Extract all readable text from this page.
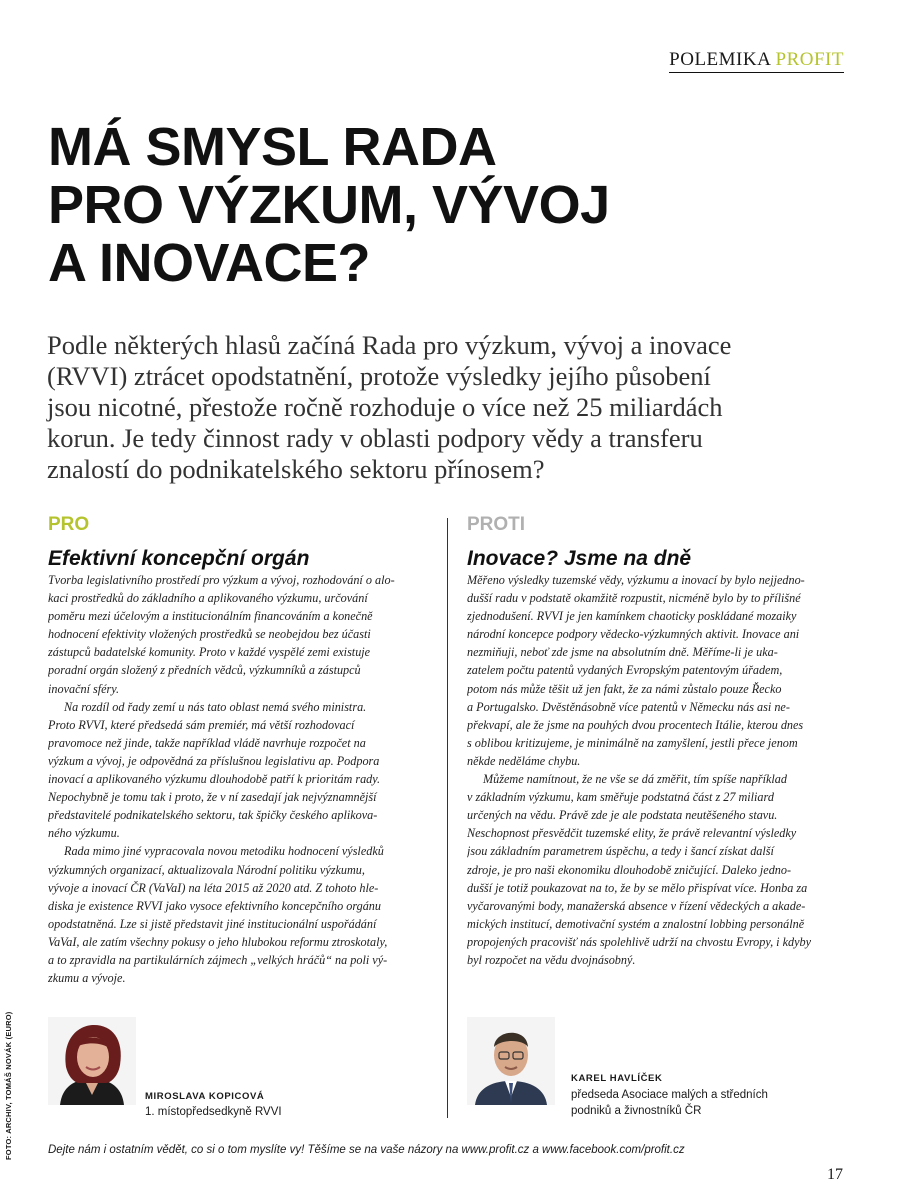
POLEMIKA PROFIT
MÁ SMYSL RADA
PRO VÝZKUM, VÝVOJ
A INOVACE?
Podle některých hlasů začíná Rada pro výzkum, vývoj a inovace
(RVVI) ztrácet opodstatnění, protože výsledky jejího působení
jsou nicotné, přestože ročně rozhoduje o více než 25 miliardách
korun. Je tedy činnost rady v oblasti podpory vědy a transferu
znalostí do podnikatelského sektoru přínosem?
PRO
Efektivní koncepční orgán
Tvorba legislativního prostředí pro výzkum a vývoj, rozhodování o alo-
kaci prostředků do základního a aplikovaného výzkumu, určování
poměru mezi účelovým a institucionálním financováním a konečně
hodnocení efektivity vložených prostředků se neobejdou bez účasti
zástupců badatelské komunity. Proto v každé vyspělé zemi existuje
poradní orgán složený z předních vědců, výzkumníků a zástupců
inovační sféry.
Na rozdíl od řady zemí u nás tato oblast nemá svého ministra.
Proto RVVI, které předsedá sám premiér, má větší rozhodovací
pravomoce než jinde, takže například vládě navrhuje rozpočet na
výzkum a vývoj, je odpovědná za příslušnou legislativu ap. Podpora
inovací a aplikovaného výzkumu dlouhodobě patří k prioritám rady.
Nepochybně je tomu tak i proto, že v ní zasedají jak nejvýznamnější
představitelé podnikatelského sektoru, tak špičky českého aplikova-
ného výzkumu.
Rada mimo jiné vypracovala novou metodiku hodnocení výsledků
výzkumných organizací, aktualizovala Národní politiku výzkumu,
vývoje a inovací ČR (VaVaI) na léta 2015 až 2020 atd. Z tohoto hle-
diska je existence RVVI jako vysoce efektivního koncepčního orgánu
opodstatněná. Lze si jistě představit jiné institucionální uspořádání
VaVaI, ale zatím všechny pokusy o jeho hlubokou reformu ztroskotaly,
a to zpravidla na partikulárních zájmech „velkých hráčů“ na poli vý-
zkumu a vývoje.
PROTI
Inovace? Jsme na dně
Měřeno výsledky tuzemské vědy, výzkumu a inovací by bylo nejjedno-
dušší radu v podstatě okamžitě rozpustit, nicméně bylo by to přílišné
zjednodušení. RVVI je jen kamínkem chaoticky poskládané mozaiky
národní koncepce podpory vědecko-výzkumných aktivit. Inovace ani
nezmiňuji, neboť zde jsme na absolutním dně. Měříme-li je uka-
zatelem počtu patentů vydaných Evropským patentovým úřadem,
potom nás může těšit už jen fakt, že za námi zůstalo pouze Řecko
a Portugalsko. Dvěstěnásobně více patentů v Německu nás asi ne-
překvapí, ale že jsme na pouhých dvou procentech Itálie, kterou dnes
s oblibou kritizujeme, je minimálně na zamyšlení, jestli přece jenom
někde neděláme chybu.
Můžeme namítnout, že ne vše se dá změřit, tím spíše například
v základním výzkumu, kam směřuje podstatná část z 27 miliard
určených na vědu. Právě zde je ale podstata neutěšeného stavu.
Neschopnost přesvědčit tuzemské elity, že právě relevantní výsledky
jsou základním parametrem úspěchu, a tedy i šancí získat další
zdroje, je pro naši ekonomiku dlouhodobě zničující. Daleko jedno-
dušší je totiž poukazovat na to, že by se mělo přispívat více. Honba za
vyčarovanými body, manažerská absence v řízení vědeckých a akade-
mických institucí, demotivační systém a znalostní lobbing personálně
propojených pracovišť nás spolehlivě udrží na chvostu Evropy, i kdyby
byl rozpočet na vědu dvojnásobný.
MIROSLAVA KOPICOVÁ
1. místopředsedkyně RVVI
KAREL HAVLÍČEK
předseda Asociace malých a středních
podniků a živnostníků ČR
FOTO: ARCHIV, TOMÁŠ NOVÁK (EURO)	Dejte nám i ostatním vědět, co si o tom myslíte vy! Těšíme se na vaše názory na www.profit.cz a www.facebook.com/profit.cz
17
